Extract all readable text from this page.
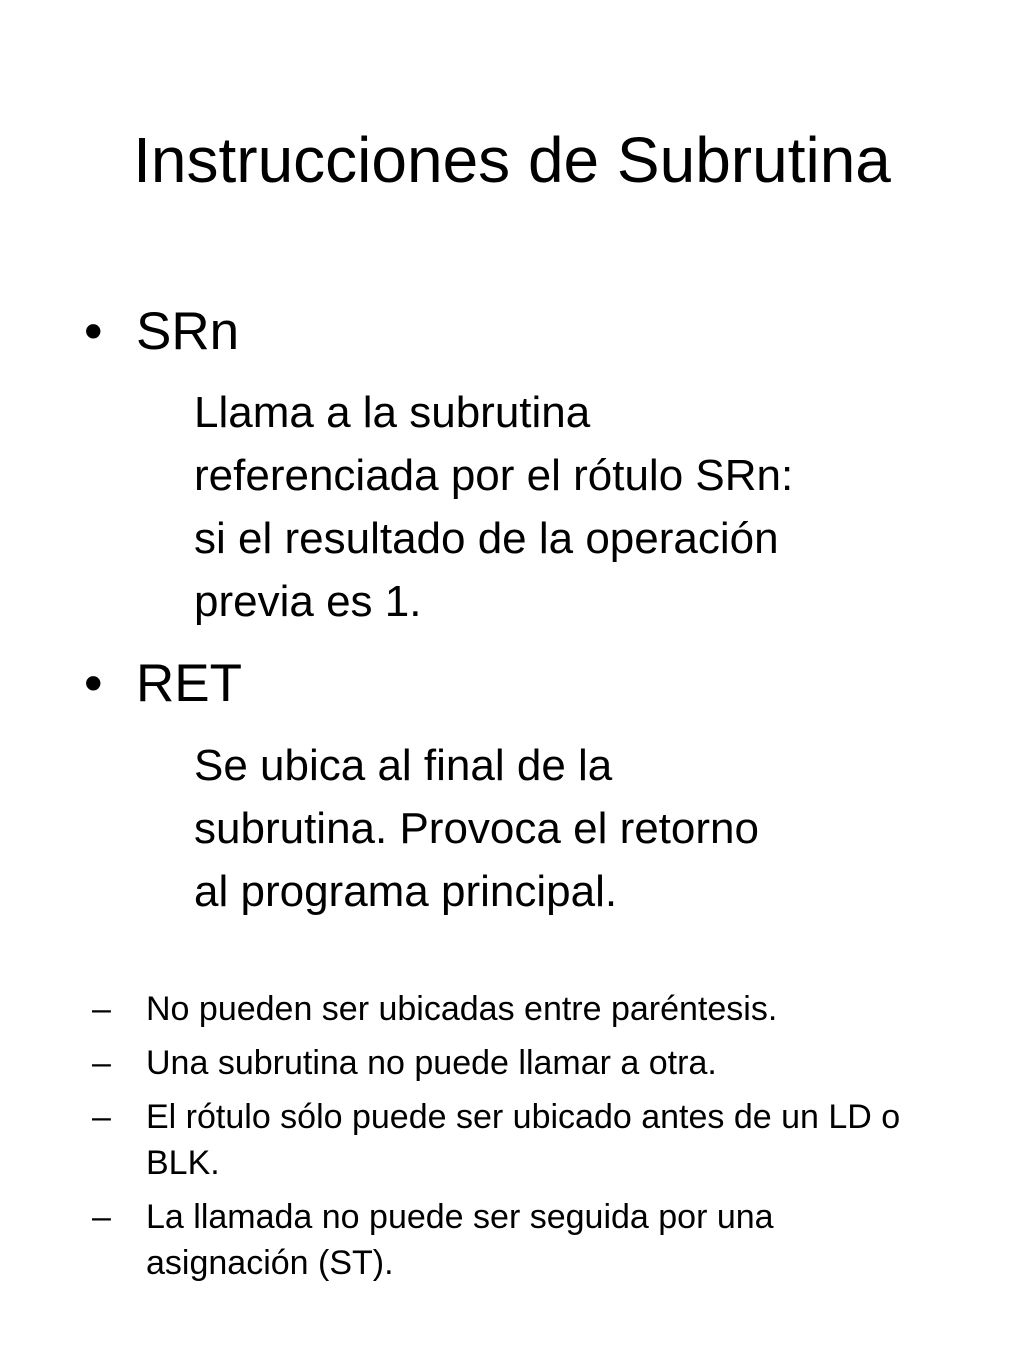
Instrucciones de Subrutina
• SRn
Llama a la subrutina
referenciada por el rótulo SRn:
si el resultado de la operación
previa es 1.
• RET
Se ubica al final de la
subrutina. Provoca el retorno
al programa principal.
– No pueden ser ubicadas entre paréntesis.
– Una subrutina no puede llamar a otra.
– El rótulo sólo puede ser ubicado antes de un LD o BLK.
– La llamada no puede ser seguida por una asignación (ST).
